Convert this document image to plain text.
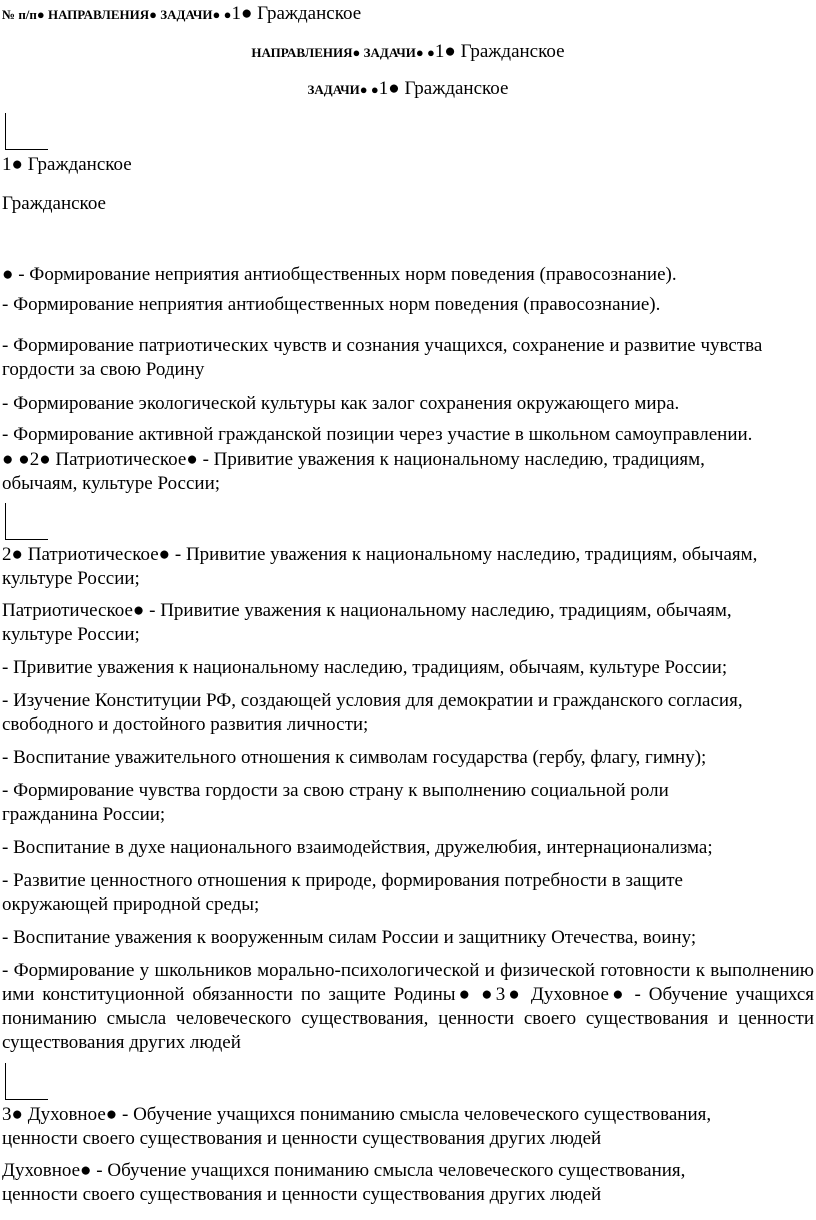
№ п/п● НАПРАВЛЕНИЯ● ЗАДАЧИ● ●1● Гражданское

НАПРАВЛЕНИЯ● ЗАДАЧИ● ●1● Гражданское

ЗАДАЧИ● ●1● Гражданское

1● Гражданское

Гражданское

● - Формирование неприятия антиобщественных норм поведения (правосознание).

- Формирование неприятия антиобщественных норм поведения (правосознание).

- Формирование патриотических чувств и сознания учащихся, сохранение и развитие чувства гордости за свою Родину

- Формирование экологической культуры как залог сохранения окружающего мира.

- Формирование активной гражданской позиции через участие в школьном самоуправлении.

● ●2● Патриотическое● - Привитие уважения к национальному наследию, традициям, обычаям, культуре России;

2● Патриотическое● - Привитие уважения к национальному наследию, традициям, обычаям, культуре России;

Патриотическое● - Привитие уважения к национальному наследию, традициям, обычаям, культуре России;

- Привитие уважения к национальному наследию, традициям, обычаям, культуре России;

- Изучение Конституции РФ, создающей условия для демократии и гражданского согласия, свободного и достойного развития личности;

- Воспитание уважительного отношения к символам государства (гербу, флагу, гимну);

- Формирование чувства гордости за свою страну к выполнению социальной роли гражданина России;

- Воспитание в духе национального взаимодействия, дружелюбия, интернационализма;

- Развитие ценностного отношения к природе, формирования потребности в защите окружающей природной среды;

- Воспитание уважения к вооруженным силам России и защитнику Отечества, воину;

- Формирование у школьников морально-психологической и физической готовности к выполнению ими конституционной обязанности по защите Родины● ●3● Духовное● - Обучение учащихся пониманию смысла человеческого существования, ценности своего существования и ценности существования других людей

3● Духовное● - Обучение учащихся пониманию смысла человеческого существования, ценности своего существования и ценности существования других людей

Духовное● - Обучение учащихся пониманию смысла человеческого существования, ценности своего существования и ценности существования других людей
